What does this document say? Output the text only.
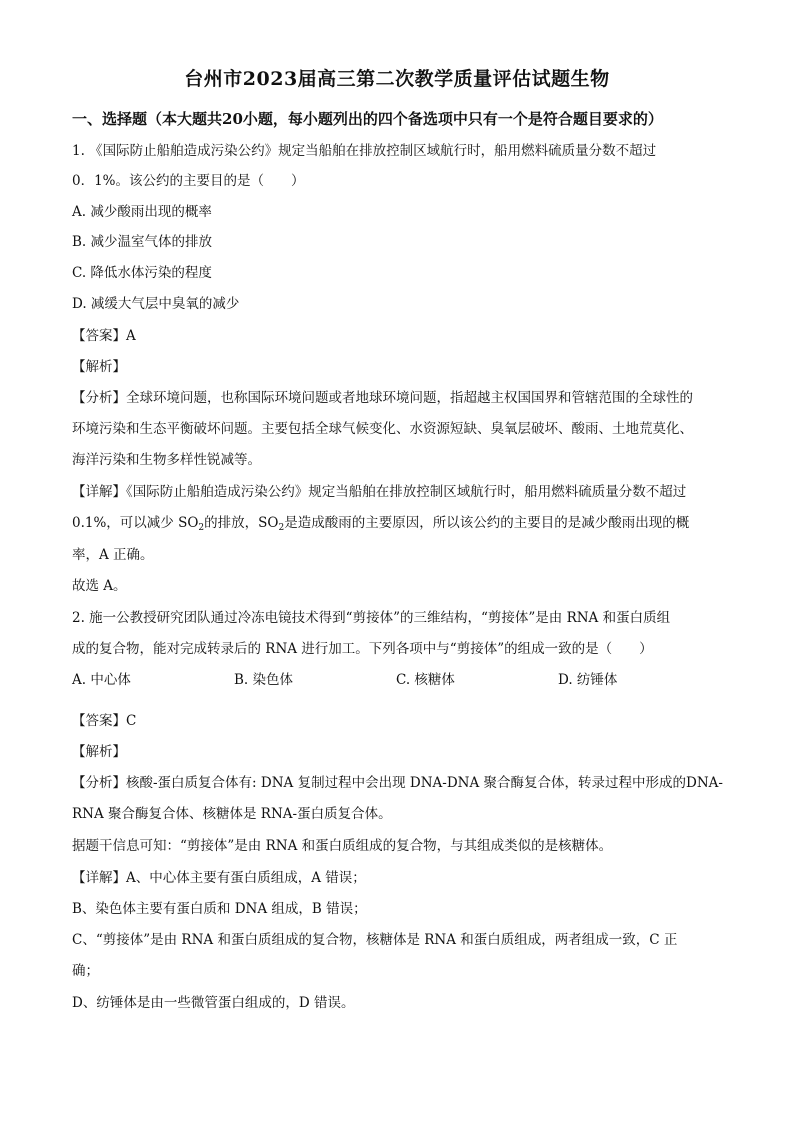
台州市2023届高三第二次教学质量评估试题生物
一、选择题（本大题共20小题，每小题列出的四个备选项中只有一个是符合题目要求的）
1. 《国际防止船舶造成污染公约》规定当船舶在排放控制区域航行时，船用燃料硫质量分数不超过
0．1%。该公约的主要目的是（　　）
A. 减少酸雨出现的概率
B. 减少温室气体的排放
C. 降低水体污染的程度
D. 减缓大气层中臭氧的减少
【答案】A
【解析】
【分析】全球环境问题，也称国际环境问题或者地球环境问题，指超越主权国国界和管辖范围的全球性的
环境污染和生态平衡破坏问题。主要包括全球气候变化、水资源短缺、臭氧层破坏、酸雨、土地荒莫化、
海洋污染和生物多样性锐减等。
【详解】《国际防止船舶造成污染公约》规定当船舶在排放控制区域航行时，船用燃料硫质量分数不超过
0.1%，可以减少 $SO_2$的排放，$SO_2$是造成酸雨的主要原因，所以该公约的主要目的是减少酸雨出现的概
率，A 正确。
故选 A。
2. 施一公教授研究团队通过冷冻电镜技术得到“剪接体”的三维结构，“剪接体”是由 RNA 和蛋白质组
成的复合物，能对完成转录后的 RNA 进行加工。下列各项中与“剪接体”的组成一致的是（　　）
A. 中心体	B. 染色体	C. 核糖体	D. 纺锤体
【答案】C
【解析】
【分析】核酸-蛋白质复合体有: DNA 复制过程中会出现 DNA-DNA 聚合酶复合体，转录过程中形成的DNA-
RNA 聚合酶复合体、核糖体是 RNA-蛋白质复合体。
据题干信息可知：“剪接体”是由 RNA 和蛋白质组成的复合物，与其组成类似的是核糖体。
【详解】A、中心体主要有蛋白质组成，A 错误；
B、染色体主要有蛋白质和 DNA 组成，B 错误；
C、“剪接体”是由 RNA 和蛋白质组成的复合物，核糖体是 RNA 和蛋白质组成，两者组成一致，C 正
确；
D、纺锤体是由一些微管蛋白组成的，D 错误。
